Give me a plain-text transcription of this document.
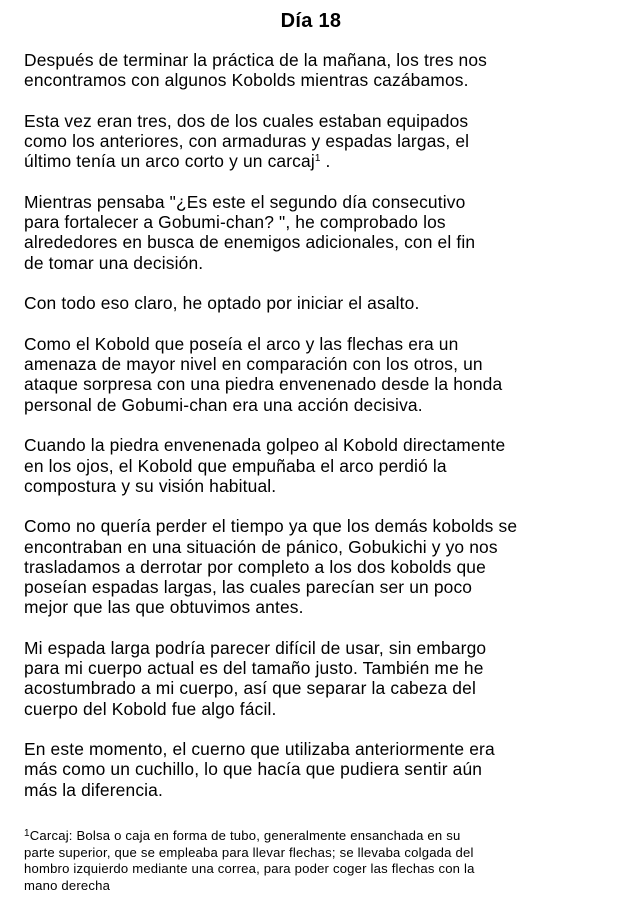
Día 18

Después de terminar la práctica de la mañana, los tres nos
encontramos con algunos Kobolds mientras cazábamos.

Esta vez eran tres, dos de los cuales estaban equipados
como los anteriores, con armaduras y espadas largas, el
último tenía un arco corto y un carcaj$^1$ .

Mientras pensaba "¿Es este el segundo día consecutivo
para fortalecer a Gobumi-chan? ", he comprobado los
alrededores en busca de enemigos adicionales, con el fin
de tomar una decisión.

Con todo eso claro, he optado por iniciar el asalto.

Como el Kobold que poseía el arco y las flechas era un
amenaza de mayor nivel en comparación con los otros, un
ataque sorpresa con una piedra envenenado desde la honda
personal de Gobumi-chan era una acción decisiva.

Cuando la piedra envenenada golpeo al Kobold directamente
en los ojos, el Kobold que empuñaba el arco perdió la
compostura y su visión habitual.

Como no quería perder el tiempo ya que los demás kobolds se
encontraban en una situación de pánico, Gobukichi y yo nos
trasladamos a derrotar por completo a los dos kobolds que
poseían espadas largas, las cuales parecían ser un poco
mejor que las que obtuvimos antes.

Mi espada larga podría parecer difícil de usar, sin embargo
para mi cuerpo actual es del tamaño justo. También me he
acostumbrado a mi cuerpo, así que separar la cabeza del
cuerpo del Kobold fue algo fácil.

En este momento, el cuerno que utilizaba anteriormente era
más como un cuchillo, lo que hacía que pudiera sentir aún
más la diferencia.

$^1$Carcaj: Bolsa o caja en forma de tubo, generalmente ensanchada en su
parte superior, que se empleaba para llevar flechas; se llevaba colgada del
hombro izquierdo mediante una correa, para poder coger las flechas con la
mano derecha
